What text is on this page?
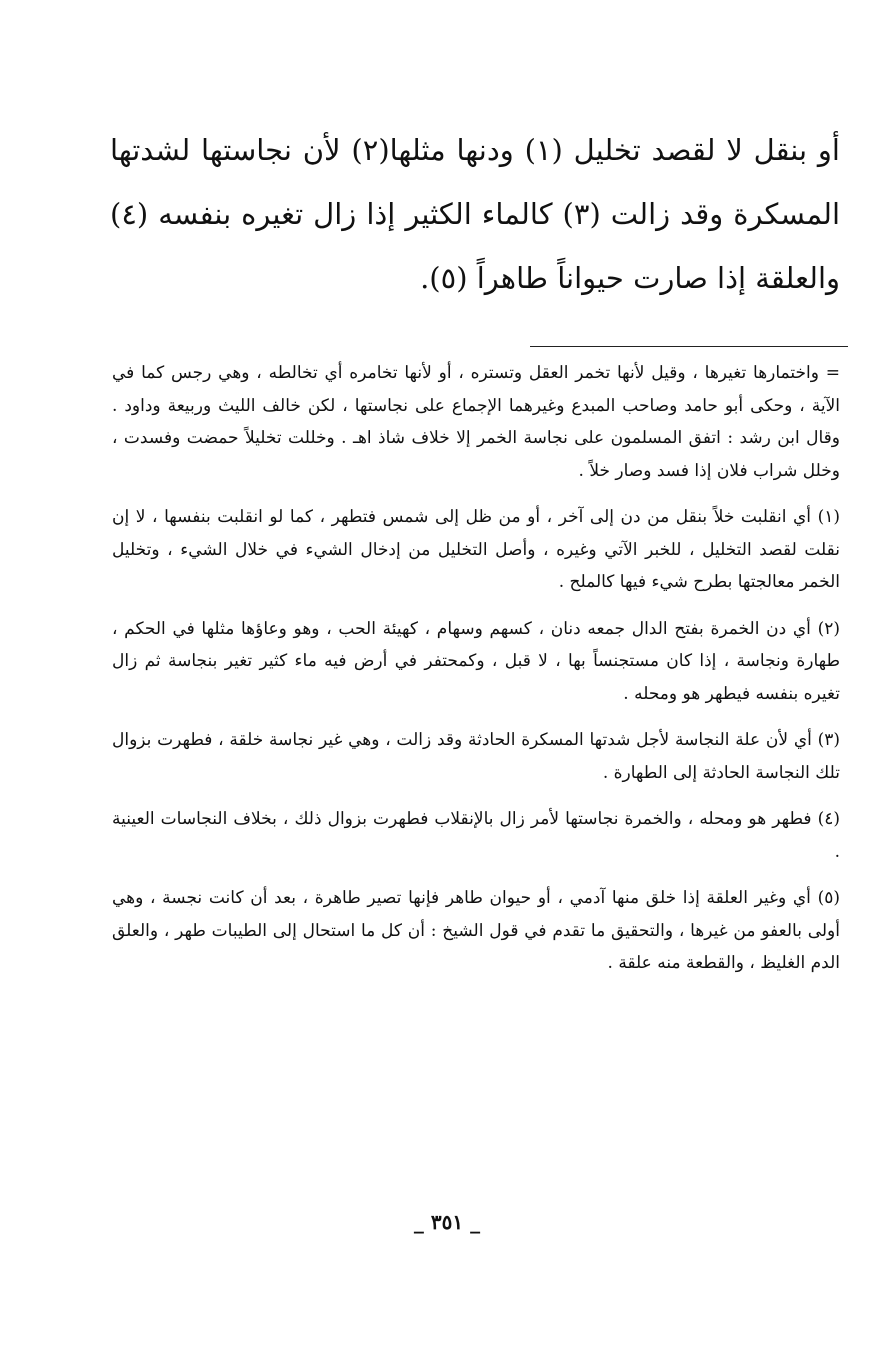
أو بنقل لا لقصد تخليل (١) ودنها مثلها(٢) لأن نجاستها لشدتها
المسكرة وقد زالت (٣) كالماء الكثير إذا زال تغيره بنفسه (٤)
والعلقة إذا صارت حيواناً طاهراً (٥).

= واختمارها تغيرها ، وقيل لأنها تخمر العقل وتستره ، أو لأنها تخامره أي تخالطه ، وهي رجس كما في الآية ، وحكى أبو حامد وصاحب المبدع وغيرهما الإجماع على نجاستها ، لكن خالف الليث وربيعة وداود . وقال ابن رشد : اتفق المسلمون على نجاسة الخمر إلا خلاف شاذ اهـ . وخللت تخليلاً حمضت وفسدت ، وخلل شراب فلان إذا فسد وصار خلاً .

(١) أي انقلبت خلاً بنقل من دن إلى آخر ، أو من ظل إلى شمس فتطهر ، كما لو انقلبت بنفسها ، لا إن نقلت لقصد التخليل ، للخبر الآتي وغيره ، وأصل التخليل من إدخال الشيء في خلال الشيء ، وتخليل الخمر معالجتها بطرح شيء فيها كالملح .

(٢) أي دن الخمرة بفتح الدال جمعه دنان ، كسهم وسهام ، كهيئة الحب ، وهو وعاؤها مثلها في الحكم ، طهارة ونجاسة ، إذا كان مستجنساً بها ، لا قبل ، وكمحتفر في أرض فيه ماء كثير تغير بنجاسة ثم زال تغيره بنفسه فيطهر هو ومحله .

(٣) أي لأن علة النجاسة لأجل شدتها المسكرة الحادثة وقد زالت ، وهي غير نجاسة خلقة ، فطهرت بزوال تلك النجاسة الحادثة إلى الطهارة .

(٤) فطهر هو ومحله ، والخمرة نجاستها لأمر زال بالإنقلاب فطهرت بزوال ذلك ، بخلاف النجاسات العينية .

(٥) أي وغير العلقة إذا خلق منها آدمي ، أو حيوان طاهر فإنها تصير طاهرة ، بعد أن كانت نجسة ، وهي أولى بالعفو من غيرها ، والتحقيق ما تقدم في قول الشيخ : أن كل ما استحال إلى الطيبات طهر ، والعلق الدم الغليظ ، والقطعة منه علقة .

_ ٣٥١ _
